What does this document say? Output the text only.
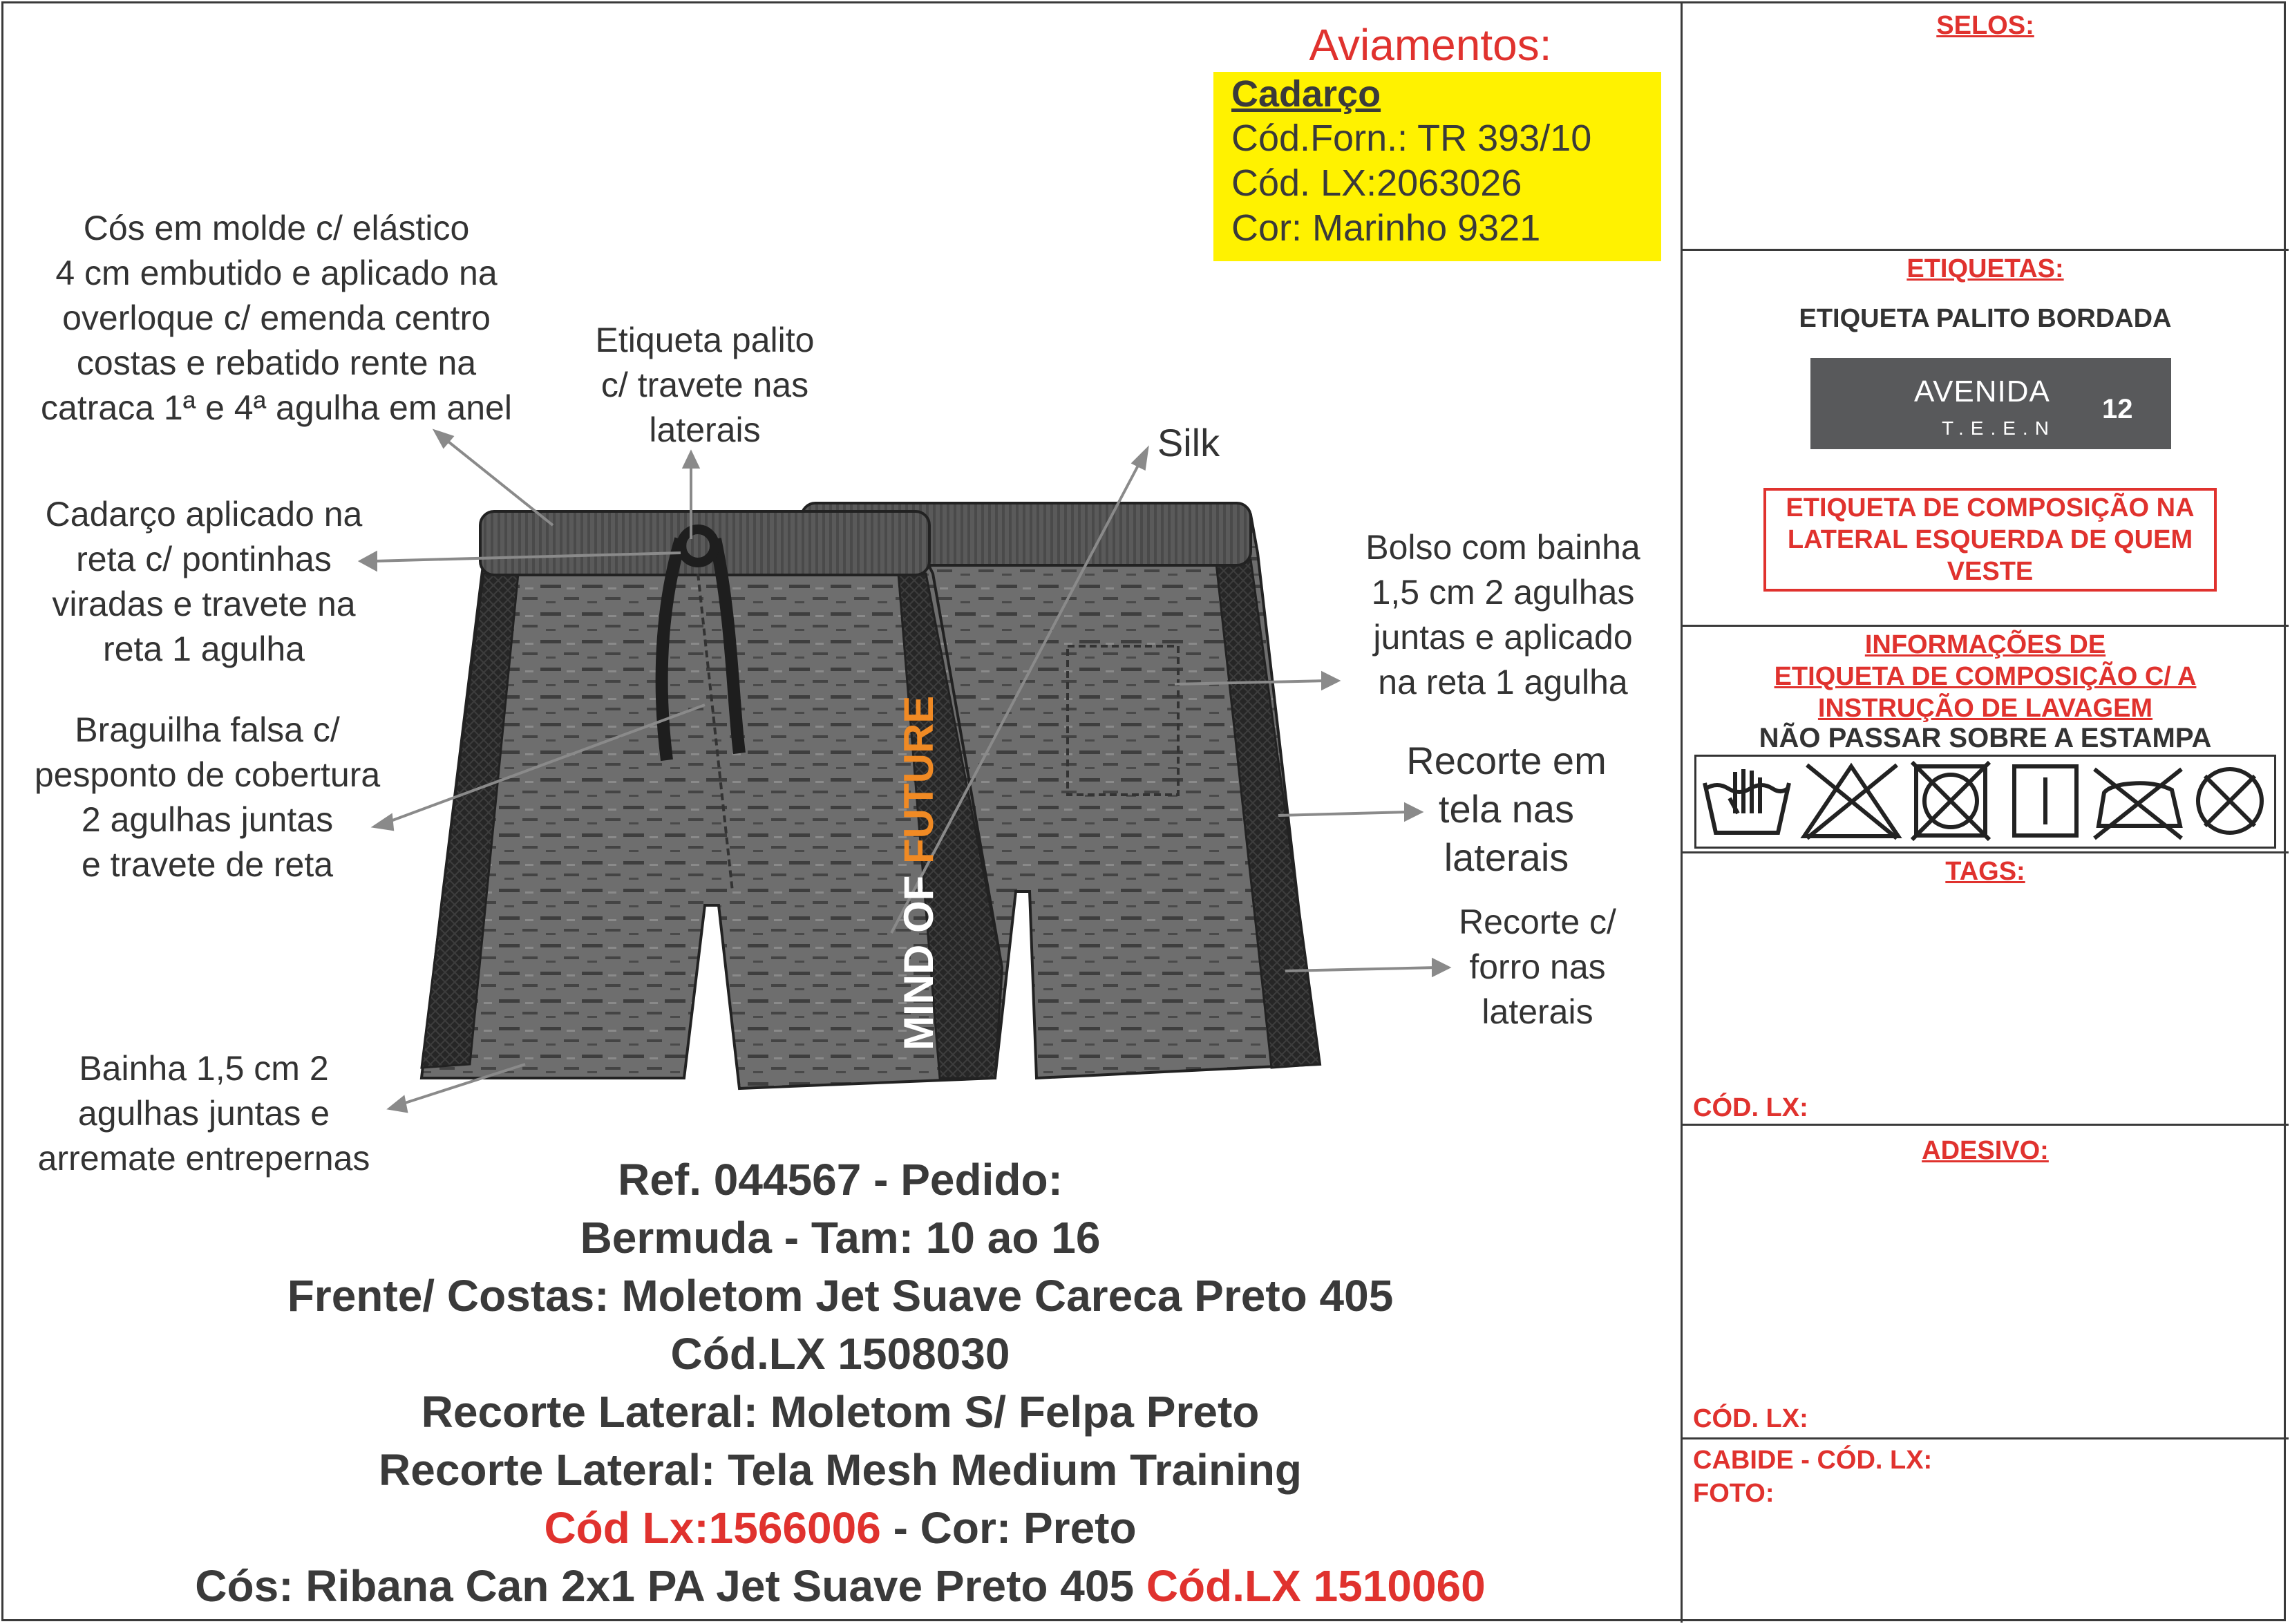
Aviamentos:
Cadarço
Cód.Forn.: TR 393/10
Cód. LX:2063026
Cor: Marinho 9321
Cós em molde c/ elástico
4 cm embutido e aplicado na
overloque c/ emenda centro
costas e rebatido rente na
catraca 1ª e 4ª agulha em anel
Etiqueta palito
c/ travete nas
laterais	Silk
Cadarço aplicado na
reta c/ pontinhas
viradas e travete na
reta 1 agulha
Bolso com bainha
1,5 cm 2 agulhas
juntas e aplicado
na reta 1 agulha
Braguilha falsa c/
pesponto de cobertura
2 agulhas juntas
e travete de reta
Recorte em
tela nas
laterais
Recorte c/
forro nas
laterais
Bainha 1,5 cm 2
agulhas juntas e
arremate entrepernas
MIND OF FUTURE
Ref. 044567 - Pedido:
Bermuda - Tam: 10 ao 16
Frente/ Costas: Moletom Jet Suave Careca Preto 405
Cód.LX 1508030
Recorte Lateral: Moletom S/ Felpa Preto
Recorte Lateral: Tela Mesh Medium Training
Cód Lx:1566006 - Cor: Preto
Cós: Ribana Can 2x1 PA Jet Suave Preto 405 Cód.LX 1510060
SELOS:
ETIQUETAS:
ETIQUETA PALITO BORDADA
AVENIDA
T.E.E.N
12
ETIQUETA DE COMPOSIÇÃO NA
LATERAL ESQUERDA DE QUEM
VESTE
INFORMAÇÕES DE
ETIQUETA DE COMPOSIÇÃO C/ A
INSTRUÇÃO DE LAVAGEM
NÃO PASSAR SOBRE A ESTAMPA
TAGS:
CÓD. LX:
ADESIVO:
CÓD. LX:
CABIDE - CÓD. LX:
FOTO:
